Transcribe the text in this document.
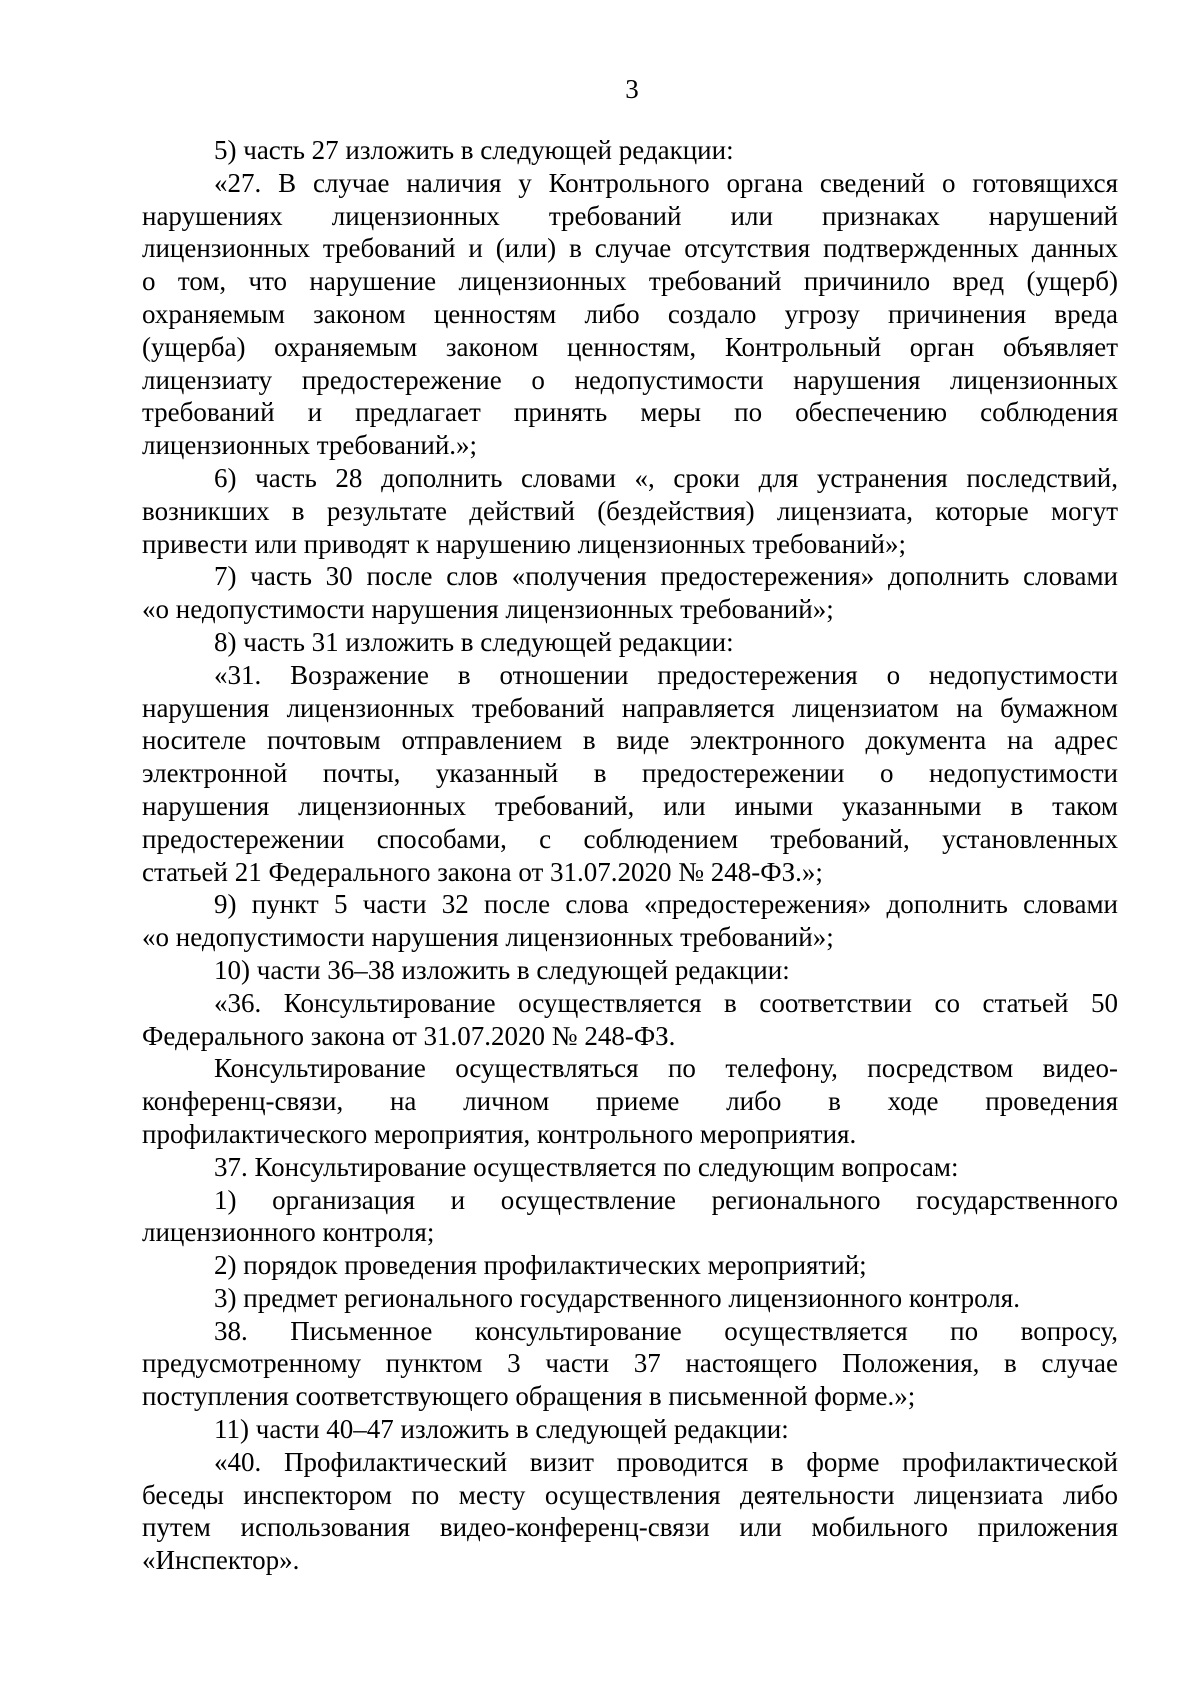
3

5) часть 27 изложить в следующей редакции:

«27. В случае наличия у Контрольного органа сведений о готовящихся

нарушениях лицензионных требований или признаках нарушений

лицензионных требований и (или) в случае отсутствия подтвержденных данных

о том, что нарушение лицензионных требований причинило вред (ущерб)

охраняемым законом ценностям либо создало угрозу причинения вреда

(ущерба) охраняемым законом ценностям, Контрольный орган объявляет

лицензиату предостережение о недопустимости нарушения лицензионных

требований и предлагает принять меры по обеспечению соблюдения

лицензионных требований.»;

6) часть 28 дополнить словами «, сроки для устранения последствий,

возникших в результате действий (бездействия) лицензиата, которые могут

привести или приводят к нарушению лицензионных требований»;

7) часть 30 после слов «получения предостережения» дополнить словами

«о недопустимости нарушения лицензионных требований»;

8) часть 31 изложить в следующей редакции:

«31. Возражение в отношении предостережения о недопустимости

нарушения лицензионных требований направляется лицензиатом на бумажном

носителе почтовым отправлением в виде электронного документа на адрес

электронной почты, указанный в предостережении о недопустимости

нарушения лицензионных требований, или иными указанными в таком

предостережении способами, с соблюдением требований, установленных

статьей 21 Федерального закона от 31.07.2020 № 248-ФЗ.»;

9) пункт 5 части 32 после слова «предостережения» дополнить словами

«о недопустимости нарушения лицензионных требований»;

10) части 36–38 изложить в следующей редакции:

«36. Консультирование осуществляется в соответствии со статьей 50

Федерального закона от 31.07.2020 № 248-ФЗ.

Консультирование осуществляться по телефону, посредством видео-

конференц-связи, на личном приеме либо в ходе проведения

профилактического мероприятия, контрольного мероприятия.

37. Консультирование осуществляется по следующим вопросам:

1) организация и осуществление регионального государственного

лицензионного контроля;

2) порядок проведения профилактических мероприятий;

3) предмет регионального государственного лицензионного контроля.

38. Письменное консультирование осуществляется по вопросу,

предусмотренному пунктом 3 части 37 настоящего Положения, в случае

поступления соответствующего обращения в письменной форме.»;

11) части 40–47 изложить в следующей редакции:

«40. Профилактический визит проводится в форме профилактической

беседы инспектором по месту осуществления деятельности лицензиата либо

путем использования видео-конференц-связи или мобильного приложения

«Инспектор».
